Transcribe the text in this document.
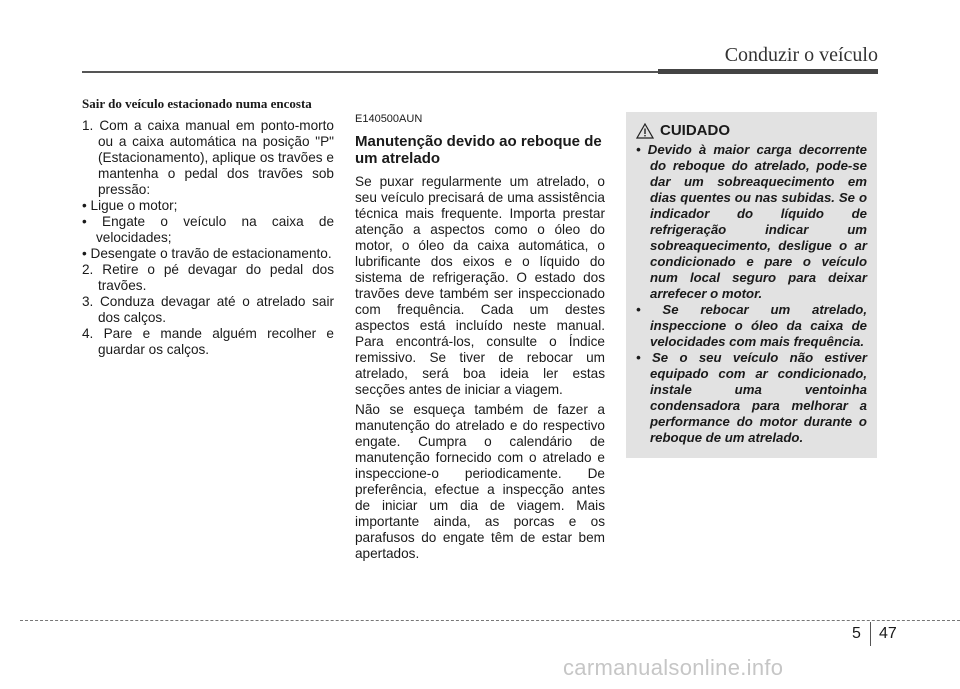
Conduzir o veículo
Sair do veículo estacionado numa encosta
1. Com a caixa manual em ponto-morto ou a caixa automática na posição "P" (Estacionamento), aplique os travões e mantenha o pedal dos travões sob pressão:
• Ligue o motor;
• Engate o veículo na caixa de velocidades;
• Desengate o travão de estacionamento.
2. Retire o pé devagar do pedal dos travões.
3. Conduza devagar até o atrelado sair dos calços.
4. Pare e mande alguém recolher e guardar os calços.
E140500AUN
Manutenção devido ao reboque de um atrelado

Se puxar regularmente um atrelado, o seu veículo precisará de uma assistência técnica mais frequente. Importa prestar atenção a aspectos como o óleo do motor, o óleo da caixa automática, o lubrificante dos eixos e o líquido do sistema de refrigeração. O estado dos travões deve também ser inspeccionado com frequência. Cada um destes aspectos está incluído neste manual. Para encontrá-los, consulte o Índice remissivo. Se tiver de rebocar um atrelado, será boa ideia ler estas secções antes de iniciar a viagem.

Não se esqueça também de fazer a manutenção do atrelado e do respectivo engate. Cumpra o calendário de manutenção fornecido com o atrelado e inspeccione-o periodicamente. De preferência, efectue a inspecção antes de iniciar um dia de viagem. Mais importante ainda, as porcas e os parafusos do engate têm de estar bem apertados.

CUIDADO
• Devido à maior carga decorrente do reboque do atrelado, pode-se dar um sobreaquecimento em dias quentes ou nas subidas. Se o indicador do líquido de refrigeração indicar um sobreaquecimento, desligue o ar condicionado e pare o veículo num local seguro para deixar arrefecer o motor.
• Se rebocar um atrelado, inspeccione o óleo da caixa de velocidades com mais frequência.
• Se o seu veículo não estiver equipado com ar condicionado, instale uma ventoinha condensadora para melhorar a performance do motor durante o reboque de um atrelado.
5 47
carmanualsonline.info
